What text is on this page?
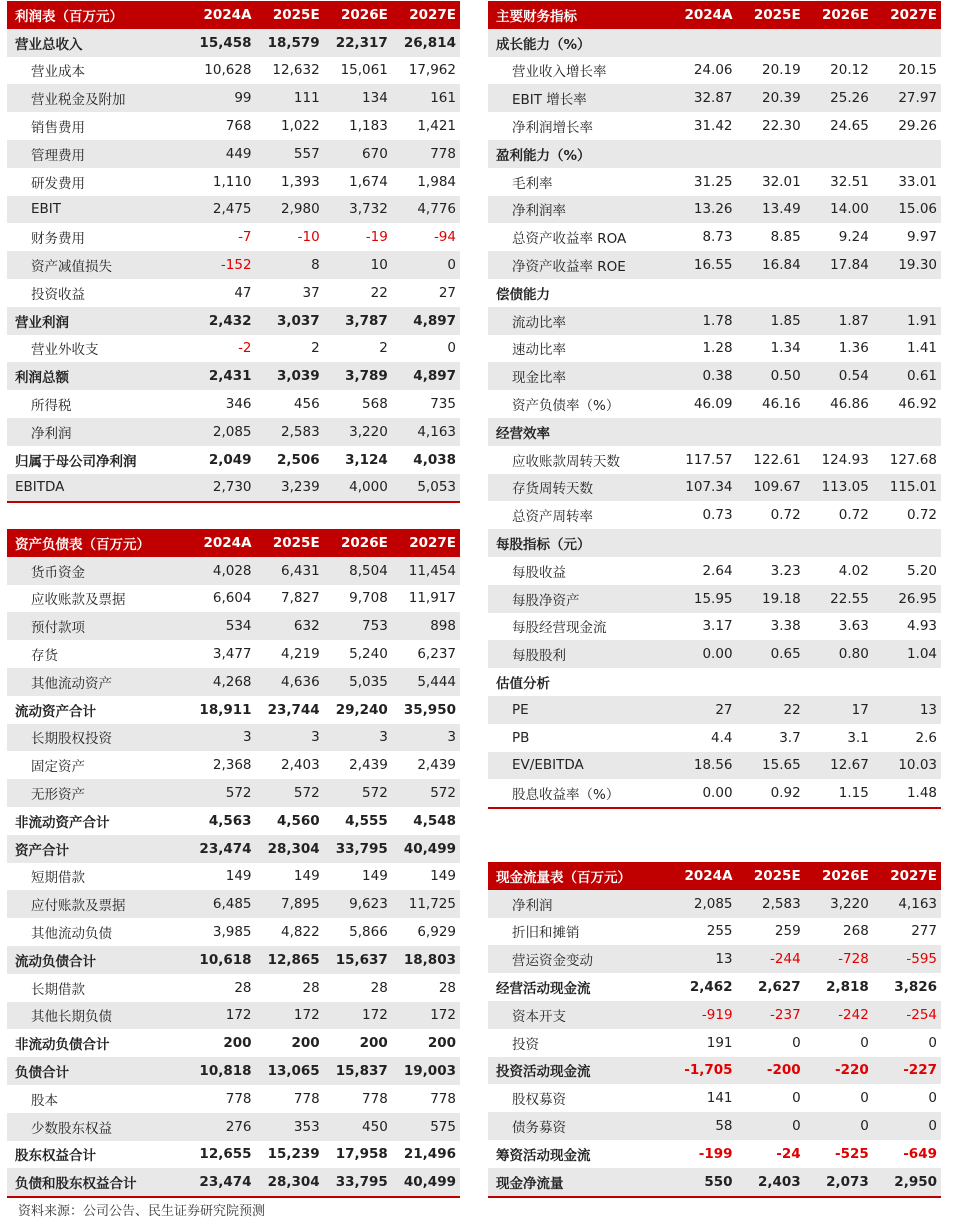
利润表（百万元）	2024A	2025E	2026E	2027E
营业总收入	15,458	18,579	22,317	26,814
营业成本	10,628	12,632	15,061	17,962
营业税金及附加	99	111	134	161
销售费用	768	1,022	1,183	1,421
管理费用	449	557	670	778
研发费用	1,110	1,393	1,674	1,984
EBIT	2,475	2,980	3,732	4,776
财务费用	-7	-10	-19	-94
资产减值损失	-152	8	10	0
投资收益	47	37	22	27
营业利润	2,432	3,037	3,787	4,897
营业外收支	-2	2	2	0
利润总额	2,431	3,039	3,789	4,897
所得税	346	456	568	735
净利润	2,085	2,583	3,220	4,163
归属于母公司净利润	2,049	2,506	3,124	4,038
EBITDA	2,730	3,239	4,000	5,053
资产负债表（百万元）	2024A	2025E	2026E	2027E
货币资金	4,028	6,431	8,504	11,454
应收账款及票据	6,604	7,827	9,708	11,917
预付款项	534	632	753	898
存货	3,477	4,219	5,240	6,237
其他流动资产	4,268	4,636	5,035	5,444
流动资产合计	18,911	23,744	29,240	35,950
长期股权投资	3	3	3	3
固定资产	2,368	2,403	2,439	2,439
无形资产	572	572	572	572
非流动资产合计	4,563	4,560	4,555	4,548
资产合计	23,474	28,304	33,795	40,499
短期借款	149	149	149	149
应付账款及票据	6,485	7,895	9,623	11,725
其他流动负债	3,985	4,822	5,866	6,929
流动负债合计	10,618	12,865	15,637	18,803
长期借款	28	28	28	28
其他长期负债	172	172	172	172
非流动负债合计	200	200	200	200
负债合计	10,818	13,065	15,837	19,003
股本	778	778	778	778
少数股东权益	276	353	450	575
股东权益合计	12,655	15,239	17,958	21,496
负债和股东权益合计	23,474	28,304	33,795	40,499
主要财务指标	2024A	2025E	2026E	2027E
成长能力（%）				
营业收入增长率	24.06	20.19	20.12	20.15
EBIT 增长率	32.87	20.39	25.26	27.97
净利润增长率	31.42	22.30	24.65	29.26
盈利能力（%）				
毛利率	31.25	32.01	32.51	33.01
净利润率	13.26	13.49	14.00	15.06
总资产收益率 ROA	8.73	8.85	9.24	9.97
净资产收益率 ROE	16.55	16.84	17.84	19.30
偿债能力				
流动比率	1.78	1.85	1.87	1.91
速动比率	1.28	1.34	1.36	1.41
现金比率	0.38	0.50	0.54	0.61
资产负债率（%）	46.09	46.16	46.86	46.92
经营效率				
应收账款周转天数	117.57	122.61	124.93	127.68
存货周转天数	107.34	109.67	113.05	115.01
总资产周转率	0.73	0.72	0.72	0.72
每股指标（元）				
每股收益	2.64	3.23	4.02	5.20
每股净资产	15.95	19.18	22.55	26.95
每股经营现金流	3.17	3.38	3.63	4.93
每股股利	0.00	0.65	0.80	1.04
估值分析				
PE	27	22	17	13
PB	4.4	3.7	3.1	2.6
EV/EBITDA	18.56	15.65	12.67	10.03
股息收益率（%）	0.00	0.92	1.15	1.48
现金流量表（百万元）	2024A	2025E	2026E	2027E
净利润	2,085	2,583	3,220	4,163
折旧和摊销	255	259	268	277
营运资金变动	13	-244	-728	-595
经营活动现金流	2,462	2,627	2,818	3,826
资本开支	-919	-237	-242	-254
投资	191	0	0	0
投资活动现金流	-1,705	-200	-220	-227
股权募资	141	0	0	0
债务募资	58	0	0	0
筹资活动现金流	-199	-24	-525	-649
现金净流量	550	2,403	2,073	2,950
资料来源：公司公告、民生证券研究院预测
